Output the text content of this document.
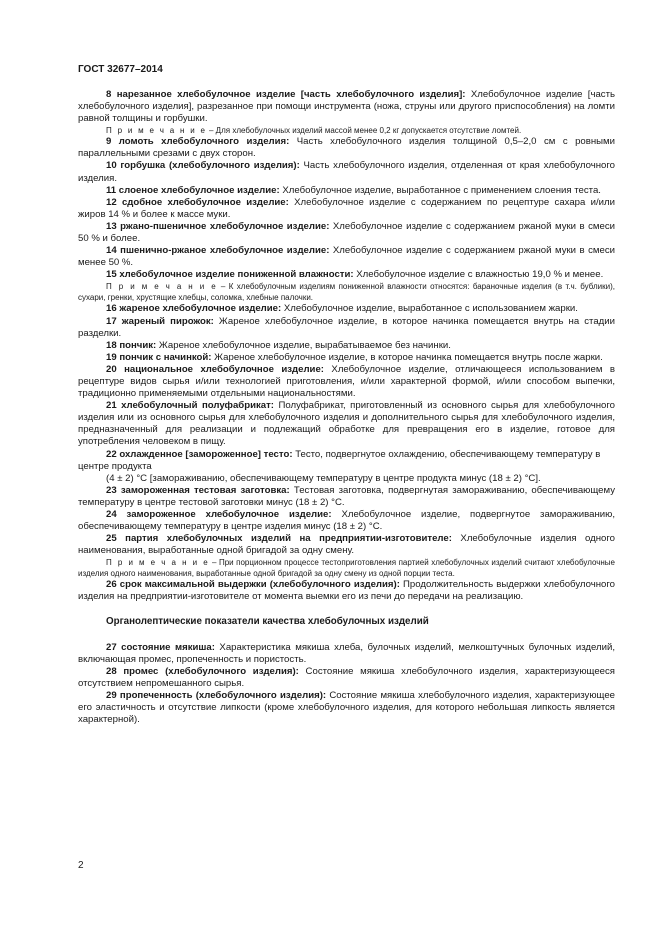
ГОСТ 32677–2014

8 нарезанное хлебобулочное изделие [часть хлебобулочного изделия]: Хлебобулочное изделие [часть хлебобулочного изделия], разрезанное при помощи инструмента (ножа, струны или другого приспособления) на ломти равной толщины и горбушки.

П р и м е ч а н и е – Для хлебобулочных изделий массой менее 0,2 кг допускается отсутствие ломтей.

9 ломоть хлебобулочного изделия: Часть хлебобулочного изделия толщиной 0,5–2,0 см с ровными параллельными срезами с двух сторон.

10 горбушка (хлебобулочного изделия): Часть хлебобулочного изделия, отделенная от края хлебобулочного изделия.

11 слоеное хлебобулочное изделие: Хлебобулочное изделие, выработанное с применением слоения теста.

12 сдобное хлебобулочное изделие: Хлебобулочное изделие с содержанием по рецептуре сахара и/или жиров 14 % и более к массе муки.

13 ржано-пшеничное хлебобулочное изделие: Хлебобулочное изделие с содержанием ржаной муки в смеси 50 % и более.

14 пшенично-ржаное хлебобулочное изделие: Хлебобулочное изделие с содержанием ржаной муки в смеси менее 50 %.

15 хлебобулочное изделие пониженной влажности: Хлебобулочное изделие с влажностью 19,0 % и менее.

П р и м е ч а н и е – К хлебобулочным изделиям пониженной влажности относятся: бараночные изделия (в т.ч. бублики), сухари, гренки, хрустящие хлебцы, соломка, хлебные палочки.

16 жареное хлебобулочное изделие: Хлебобулочное изделие, выработанное с использованием жарки.

17 жареный пирожок: Жареное хлебобулочное изделие, в которое начинка помещается внутрь на стадии разделки.

18 пончик: Жареное хлебобулочное изделие, вырабатываемое без начинки.

19 пончик с начинкой: Жареное хлебобулочное изделие, в которое начинка помещается внутрь после жарки.

20 национальное хлебобулочное изделие: Хлебобулочное изделие, отличающееся использованием в рецептуре видов сырья и/или технологией приготовления, и/или характерной формой, и/или способом выпечки, традиционно применяемыми отдельными национальностями.

21 хлебобулочный полуфабрикат: Полуфабрикат, приготовленный из основного сырья для хлебобулочного изделия или из основного сырья для хлебобулочного изделия и дополнительного сырья для хлебобулочного изделия, предназначенный для реализации и подлежащий обработке для превращения его в изделие, готовое для употребления человеком в пищу.

22 охлажденное [замороженное] тесто: Тесто, подвергнутое охлаждению, обеспечивающему температуру в центре продукта

(4 ± 2) °С [замораживанию, обеспечивающему температуру в центре продукта минус (18 ± 2) °С].

23 замороженная тестовая заготовка: Тестовая заготовка, подвергнутая замораживанию, обеспечивающему температуру в центре тестовой заготовки минус (18 ± 2) °С.

24 замороженное хлебобулочное изделие: Хлебобулочное изделие, подвергнутое замораживанию, обеспечивающему температуру в центре изделия минус (18 ± 2) °С.

25 партия хлебобулочных изделий на предприятии-изготовителе: Хлебобулочные изделия одного наименования, выработанные одной бригадой за одну смену.

П р и м е ч а н и е – При порционном процессе тестоприготовления партией хлебобулочных изделий считают хлебобулочные изделия одного наименования, выработанные одной бригадой за одну смену из одной порции теста.

26 срок максимальной выдержки (хлебобулочного изделия): Продолжительность выдержки хлебобулочного изделия на предприятии-изготовителе от момента выемки его из печи до передачи на реализацию.

Органолептические показатели качества хлебобулочных изделий

27 состояние мякиша: Характеристика мякиша хлеба, булочных изделий, мелкоштучных булочных изделий, включающая промес, пропеченность и пористость.

28 промес (хлебобулочного изделия): Состояние мякиша хлебобулочного изделия, характеризующееся отсутствием непромешанного сырья.

29 пропеченность (хлебобулочного изделия): Состояние мякиша хлебобулочного изделия, характеризующее его эластичность и отсутствие липкости (кроме хлебобулочного изделия, для которого небольшая липкость является характерной).

2
